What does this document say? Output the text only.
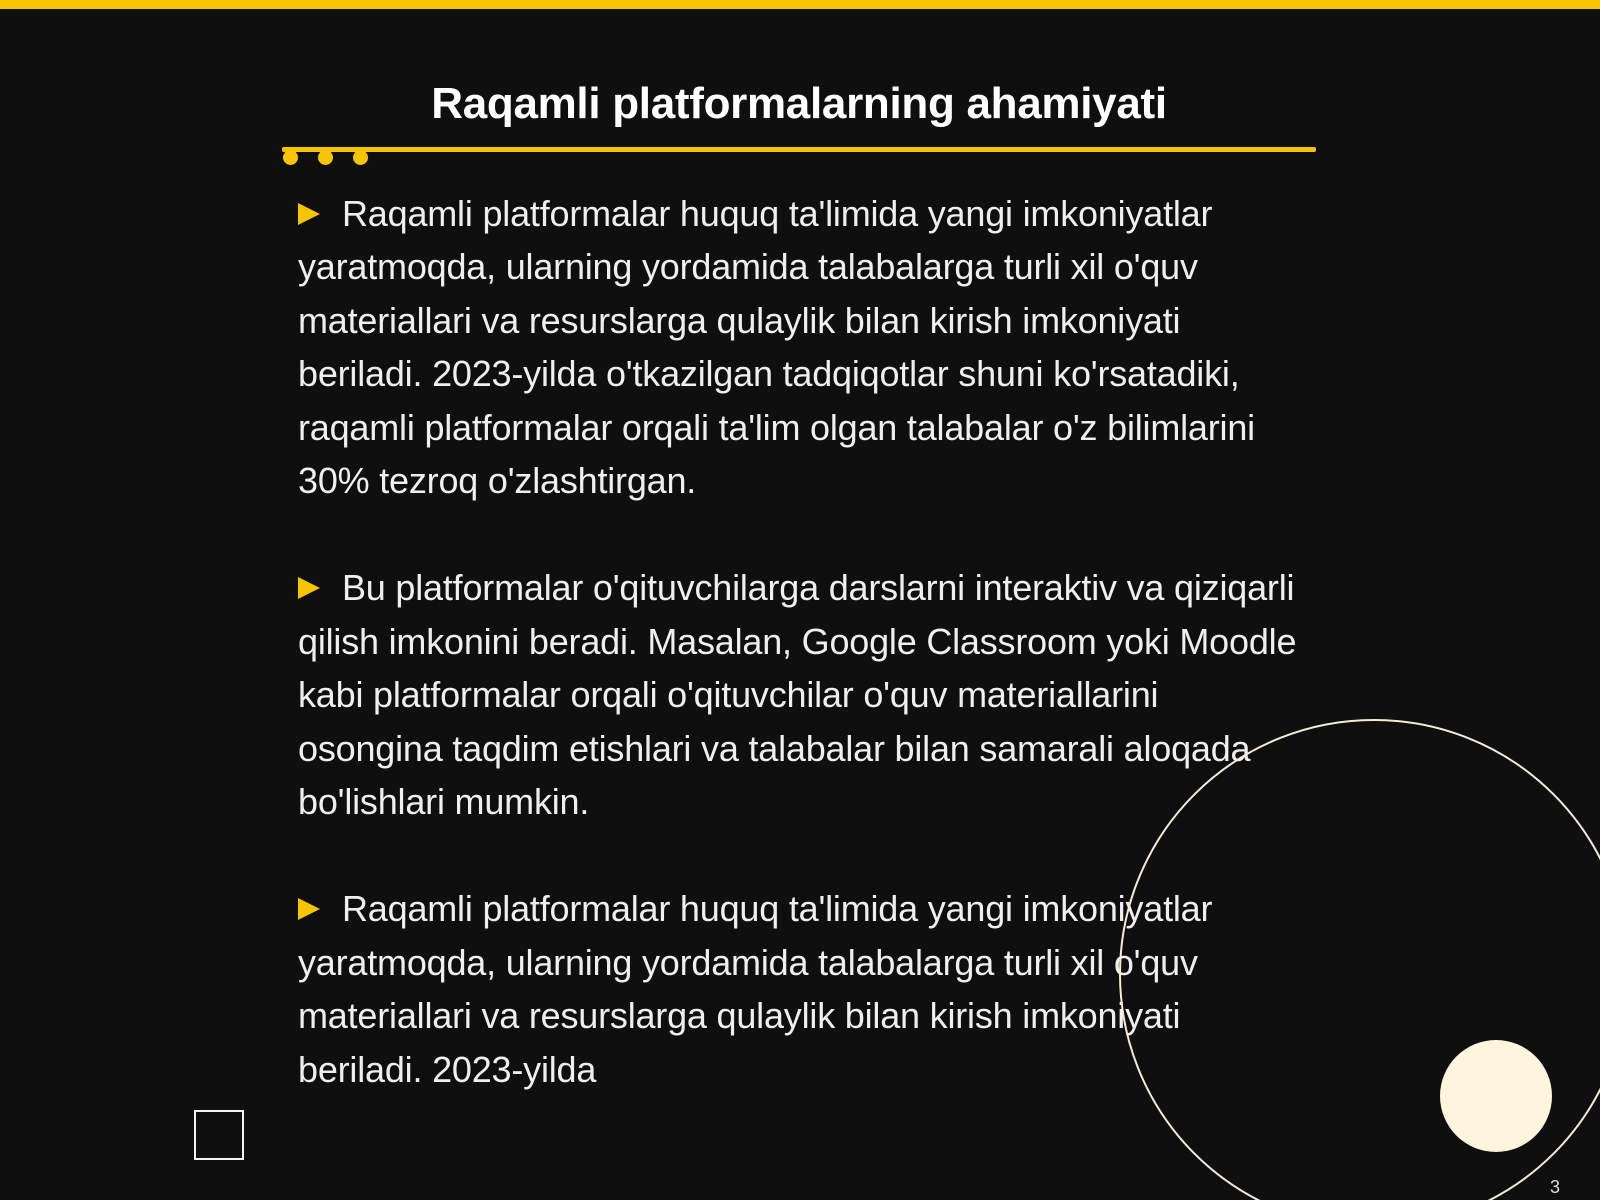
Raqamli platformalarning ahamiyati

Raqamli platformalar huquq ta'limida yangi imkoniyatlar yaratmoqda, ularning yordamida talabalarga turli xil o'quv materiallari va resurslarga qulaylik bilan kirish imkoniyati beriladi. 2023-yilda o'tkazilgan tadqiqotlar shuni ko'rsatadiki, raqamli platformalar orqali ta'lim olgan talabalar o'z bilimlarini 30% tezroq o'zlashtirgan.

Bu platformalar o'qituvchilarga darslarni interaktiv va qiziqarli qilish imkonini beradi. Masalan, Google Classroom yoki Moodle kabi platformalar orqali o'qituvchilar o'quv materiallarini osongina taqdim etishlari va talabalar bilan samarali aloqada bo'lishlari mumkin.

Raqamli platformalar huquq ta'limida yangi imkoniyatlar yaratmoqda, ularning yordamida talabalarga turli xil o'quv materiallari va resurslarga qulaylik bilan kirish imkoniyati beriladi. 2023-yilda

3
